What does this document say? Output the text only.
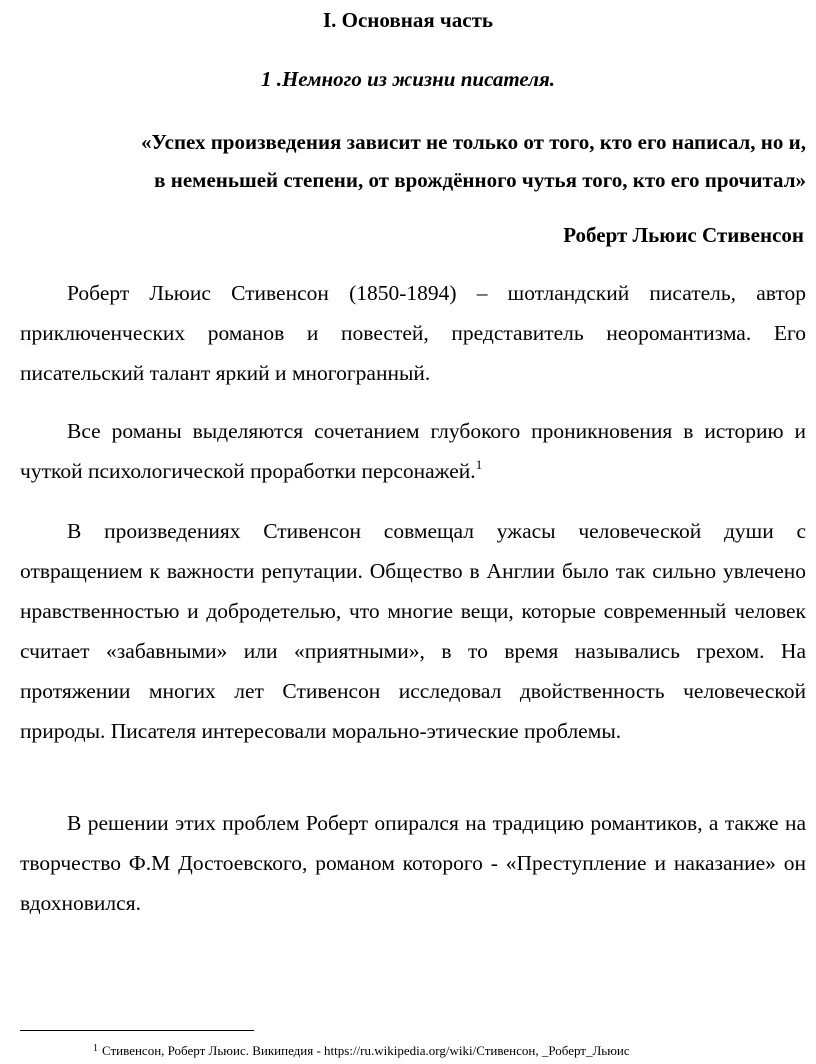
I. Основная часть
1 .Немного из жизни писателя.
«Успех произведения зависит не только от того, кто его написал, но и,
в неменьшей степени, от врождённого чутья того, кто его прочитал»
Роберт Льюис Стивенсон
Роберт Льюис Стивенсон (1850-1894) – шотландский писатель, автор приключенческих романов и повестей, представитель неоромантизма. Его писательский талант яркий и многогранный.
Все романы выделяются сочетанием глубокого проникновения в историю и чуткой психологической проработки персонажей.$^1$
В произведениях Стивенсон совмещал ужасы человеческой души с отвращением к важности репутации. Общество в Англии было так сильно увлечено нравственностью и добродетелью, что многие вещи, которые современный человек считает «забавными» или «приятными», в то время назывались грехом. На протяжении многих лет Стивенсон исследовал двойственность человеческой природы. Писателя интересовали морально-этические проблемы.
В решении этих проблем Роберт опирался на традицию романтиков, а также на творчество Ф.М Достоевского, романом которого - «Преступление и наказание» он вдохновился.
$^1$ Стивенсон, Роберт Льюис. Википедия - https://ru.wikipedia.org/wiki/Стивенсон, _Роберт_Льюис
